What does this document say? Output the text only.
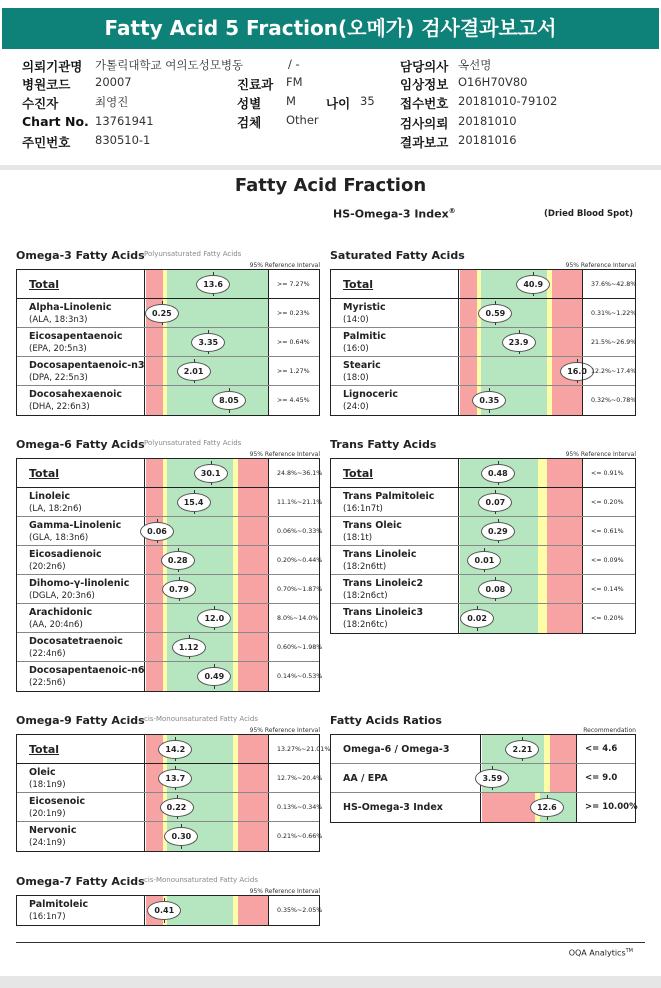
Fatty Acid 5 Fraction(오메가) 검사결과보고서
의뢰기관명 가톨릭대학교 여의도성모병동
병원코드 20007
수진자	최영진
Chart No. 13761941
주민번호 830510-1
/ -
진료과 FM
성별 M 나이 35
검체 Other
담당의사 옥선명
임상정보 O16H70V80
접수번호 20181010-79102
검사의뢰 20181010
결과보고 20181016
Fatty Acid Fraction
HS-Omega-3 Index®	(Dried Blood Spot)
Omega-3 Fatty Acids Polyunsaturated Fatty Acids
95% Reference Interval
Total	13.6	>= 7.27%
Alpha-Linolenic
(ALA, 18:3n3)
0.25	>= 0.23%
Eicosapentaenoic
(EPA, 20:5n3)
3.35	>= 0.64%
Docosapentaenoic-n3
(DPA, 22:5n3)
2.01	>= 1.27%
Docosahexaenoic
(DHA, 22:6n3)
8.05	>= 4.45%
Saturated Fatty Acids
95% Reference Interval
Total	40.9	37.6%~42.8%
Myristic
(14:0)
0.59	0.31%~1.22%
Palmitic
(16:0)
23.9	21.5%~26.9%
Stearic
(18:0)
16.0 12.2%~17.4%
Lignoceric
(24:0)
0.35	0.32%~0.78%
Omega-6 Fatty Acids Polyunsaturated Fatty Acids
95% Reference Interval
Total	30.1	24.8%~36.1%
Linoleic
(LA, 18:2n6)
15.4	11.1%~21.1%
Gamma-Linolenic
(GLA, 18:3n6)
0.06	0.06%~0.33%
Eicosadienoic
(20:2n6)
0.28	0.20%~0.44%
Dihomo-γ-linolenic
(DGLA, 20:3n6)
0.79	0.70%~1.87%
Arachidonic
(AA, 20:4n6)
12.0	8.0%~14.0%
Docosatetraenoic
(22:4n6)
1.12	0.60%~1.98%
Docosapentaenoic-n6
(22:5n6)
0.49	0.14%~0.53%
Trans Fatty Acids
95% Reference Interval
Total	0.48	<= 0.91%
Trans Palmitoleic
(16:1n7t)
0.07	<= 0.20%
Trans Oleic
(18:1t)
0.29	<= 0.61%
Trans Linoleic
(18:2n6tt)
0.01	<= 0.09%
Trans Linoleic2
(18:2n6ct)
0.08	<= 0.14%
Trans Linoleic3
(18:2n6tc)
0.02	<= 0.20%
Omega-9 Fatty Acids cis-Monounsaturated Fatty Acids
95% Reference Interval
Total	14.2	13.27%~21.01%
Oleic
(18:1n9)
13.7	12.7%~20.4%
Eicosenoic
(20:1n9)
0.22	0.13%~0.34%
Nervonic
(24:1n9)
0.30	0.21%~0.66%
Fatty Acids Ratios
Recommendation
Omega-6 / Omega-3	2.21	<= 4.6
AA / EPA	3.59	<= 9.0
HS-Omega-3 Index	12.6	>= 10.00%
Omega-7 Fatty Acids cis-Monounsaturated Fatty Acids
95% Reference Interval
Palmitoleic
(16:1n7)
0.41	0.35%~2.05%
OQA Analytics™
